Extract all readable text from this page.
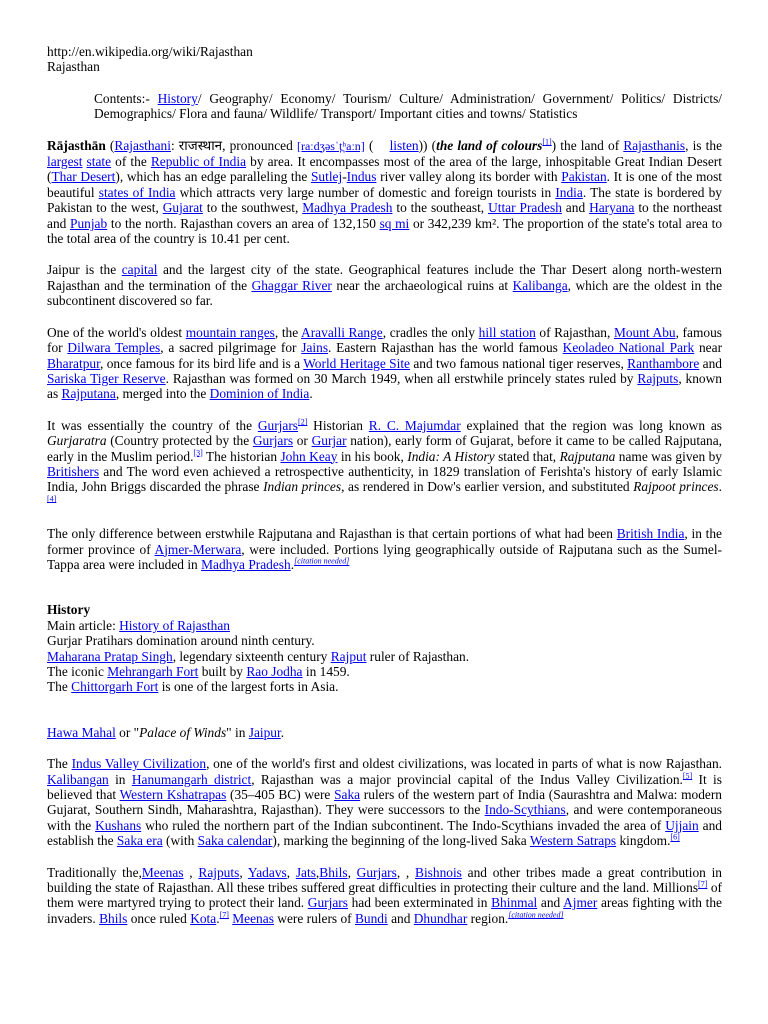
http://en.wikipedia.org/wiki/Rajasthan

Rajasthan

Contents:- History/ Geography/ Economy/ Tourism/ Culture/ Administration/ Government/ Politics/ Districts/ Demographics/ Flora and fauna/ Wildlife/ Transport/ Important cities and towns/ Statistics

Rājasthān (Rajasthani: राजस्थान, pronounced [raːdʒəsˈt̪ʰaːn] ( listen)) (the land of colours[1]) the land of Rajasthanis, is the largest state of the Republic of India by area. It encompasses most of the area of the large, inhospitable Great Indian Desert (Thar Desert), which has an edge paralleling the Sutlej-Indus river valley along its border with Pakistan. It is one of the most beautiful states of India which attracts very large number of domestic and foreign tourists in India. The state is bordered by Pakistan to the west, Gujarat to the southwest, Madhya Pradesh to the southeast, Uttar Pradesh and Haryana to the northeast and Punjab to the north. Rajasthan covers an area of 132,150 sq mi or 342,239 km². The proportion of the state's total area to the total area of the country is 10.41 per cent.

Jaipur is the capital and the largest city of the state. Geographical features include the Thar Desert along north-western Rajasthan and the termination of the Ghaggar River near the archaeological ruins at Kalibanga, which are the oldest in the subcontinent discovered so far.

One of the world's oldest mountain ranges, the Aravalli Range, cradles the only hill station of Rajasthan, Mount Abu, famous for Dilwara Temples, a sacred pilgrimage for Jains. Eastern Rajasthan has the world famous Keoladeo National Park near Bharatpur, once famous for its bird life and is a World Heritage Site and two famous national tiger reserves, Ranthambore and Sariska Tiger Reserve. Rajasthan was formed on 30 March 1949, when all erstwhile princely states ruled by Rajputs, known as Rajputana, merged into the Dominion of India.

It was essentially the country of the Gurjars[2] Historian R. C. Majumdar explained that the region was long known as Gurjaratra (Country protected by the Gurjars or Gurjar nation), early form of Gujarat, before it came to be called Rajputana, early in the Muslim period.[3] The historian John Keay in his book, India: A History stated that, Rajputana name was given by Britishers and The word even achieved a retrospective authenticity, in 1829 translation of Ferishta's history of early Islamic India, John Briggs discarded the phrase Indian princes, as rendered in Dow's earlier version, and substituted Rajpoot princes.[4]

The only difference between erstwhile Rajputana and Rajasthan is that certain portions of what had been British India, in the former province of Ajmer-Merwara, were included. Portions lying geographically outside of Rajputana such as the Sumel-Tappa area were included in Madhya Pradesh.[citation needed]

History

Main article: History of Rajasthan

Gurjar Pratihars domination around ninth century.

Maharana Pratap Singh, legendary sixteenth century Rajput ruler of Rajasthan.

The iconic Mehrangarh Fort built by Rao Jodha in 1459.

The Chittorgarh Fort is one of the largest forts in Asia.

Hawa Mahal or "Palace of Winds" in Jaipur.

The Indus Valley Civilization, one of the world's first and oldest civilizations, was located in parts of what is now Rajasthan. Kalibangan in Hanumangarh district, Rajasthan was a major provincial capital of the Indus Valley Civilization.[5] It is believed that Western Kshatrapas (35–405 BC) were Saka rulers of the western part of India (Saurashtra and Malwa: modern Gujarat, Southern Sindh, Maharashtra, Rajasthan). They were successors to the Indo-Scythians, and were contemporaneous with the Kushans who ruled the northern part of the Indian subcontinent. The Indo-Scythians invaded the area of Ujjain and establish the Saka era (with Saka calendar), marking the beginning of the long-lived Saka Western Satraps kingdom.[6]

Traditionally the,Meenas , Rajputs, Yadavs, Jats,Bhils, Gurjars, , Bishnois and other tribes made a great contribution in building the state of Rajasthan. All these tribes suffered great difficulties in protecting their culture and the land. Millions[7] of them were martyred trying to protect their land. Gurjars had been exterminated in Bhinmal and Ajmer areas fighting with the invaders. Bhils once ruled Kota.[7] Meenas were rulers of Bundi and Dhundhar region.[citation needed]
